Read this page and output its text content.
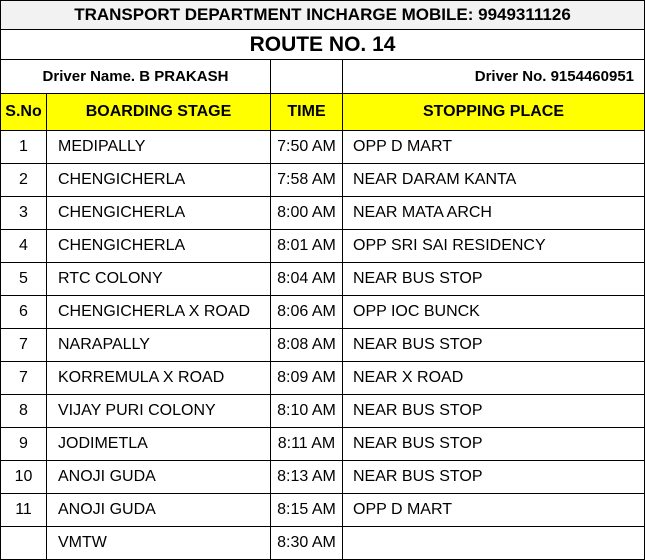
TRANSPORT DEPARTMENT INCHARGE MOBILE: 9949311126			
ROUTE NO. 14			
Driver Name. B PRAKASH			Driver No. 9154460951
S.No	BOARDING STAGE	TIME	STOPPING PLACE
1	MEDIPALLY	7:50 AM	OPP D MART
2	CHENGICHERLA	7:58 AM	NEAR DARAM KANTA
3	CHENGICHERLA	8:00 AM	NEAR MATA ARCH
4	CHENGICHERLA	8:01 AM	OPP SRI SAI RESIDENCY
5	RTC COLONY	8:04 AM	NEAR BUS STOP
6	CHENGICHERLA X ROAD	8:06 AM	OPP IOC BUNCK
7	NARAPALLY	8:08 AM	NEAR BUS STOP
7	KORREMULA X ROAD	8:09 AM	NEAR X ROAD
8	VIJAY PURI COLONY	8:10 AM	NEAR BUS STOP
9	JODIMETLA	8:11 AM	NEAR BUS STOP
10	ANOJI GUDA	8:13 AM	NEAR BUS STOP
11	ANOJI GUDA	8:15 AM	OPP D MART
	VMTW	8:30 AM	
